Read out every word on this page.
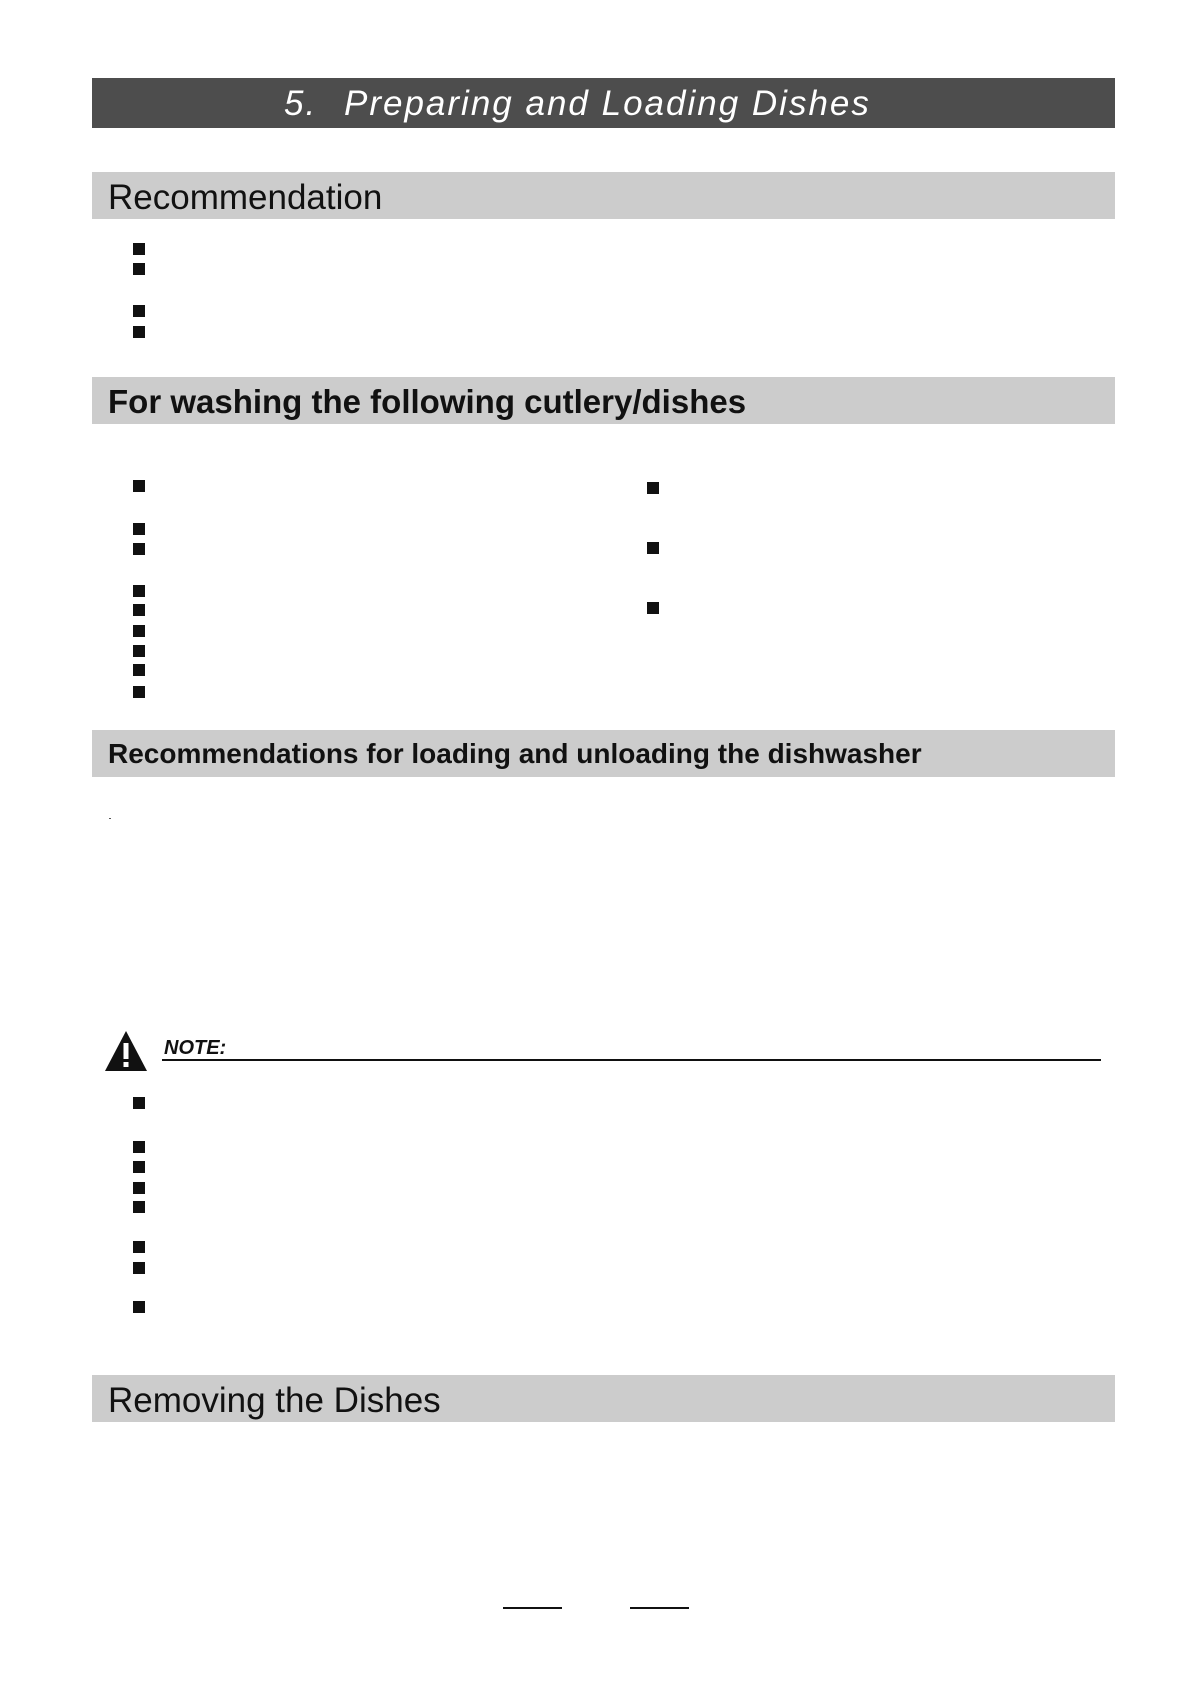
5. Preparing and Loading Dishes
Recommendation
For washing the following cutlery/dishes
Recommendations for loading and unloading the dishwasher
NOTE:
Removing the Dishes
